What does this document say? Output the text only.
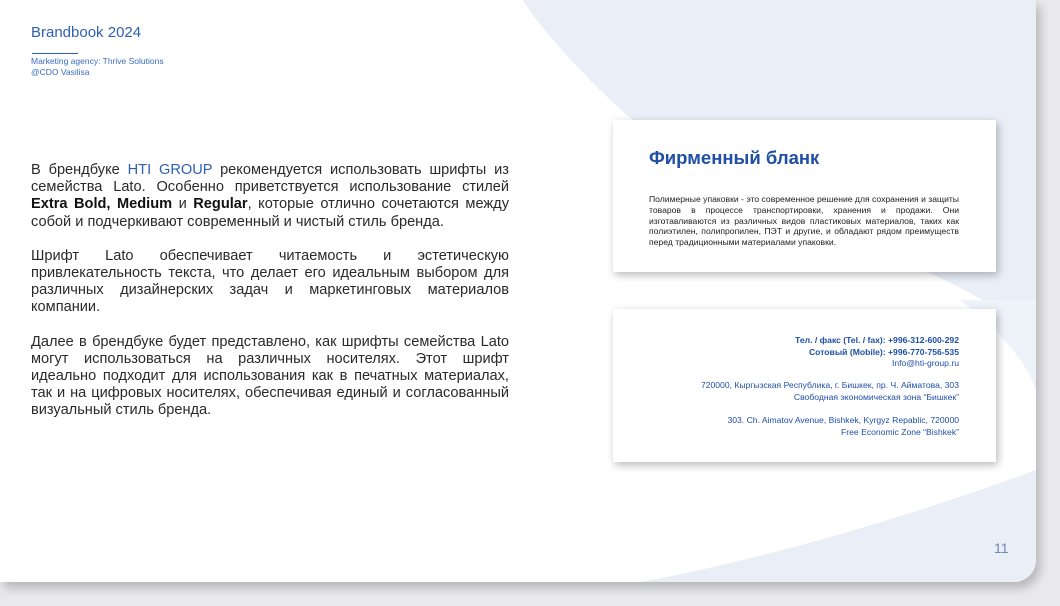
Brandbook 2024
Marketing agency: Thrive Solutions
@CDO Vasilisa

В брендбуке HTI GROUP рекомендуется использовать шрифты из семейства Lato. Особенно приветствуется использование стилей Extra Bold, Medium и Regular, которые отлично сочетаются между собой и подчеркивают современный и чистый стиль бренда.

Шрифт Lato обеспечивает читаемость и эстетическую привлекательность текста, что делает его идеальным выбором для различных дизайнерских задач и маркетинговых материалов компании.

Далее в брендбуке будет представлено, как шрифты семейства Lato могут использоваться на различных носителях. Этот шрифт идеально подходит для использования как в печатных материалах, так и на цифровых носителях, обеспечивая единый и согласованный визуальный стиль бренда.

Фирменный бланк
Полимерные упаковки - это современное решение для сохранения и защиты товаров в процессе транспортировки, хранения и продажи. Они изготавливаются из различных видов пластиковых материалов, таких как полиэтилен, полипропилен, ПЭТ и другие, и обладают рядом преимуществ перед традиционными материалами упаковки.
Тел. / факс (Tel. / fax): +996-312-600-292
Сотовый (Mobile): +996-770-756-535
Info@hti-group.ru
720000, Кыргызская Республика, г. Бишкек, пр. Ч. Айматова, 303
Свободная экономическая зона “Бишкек”
303. Ch. Aimatov Avenue, Bishkek, Kyrgyz Repablic, 720000
Free Economic Zone “Bishkek”
11
